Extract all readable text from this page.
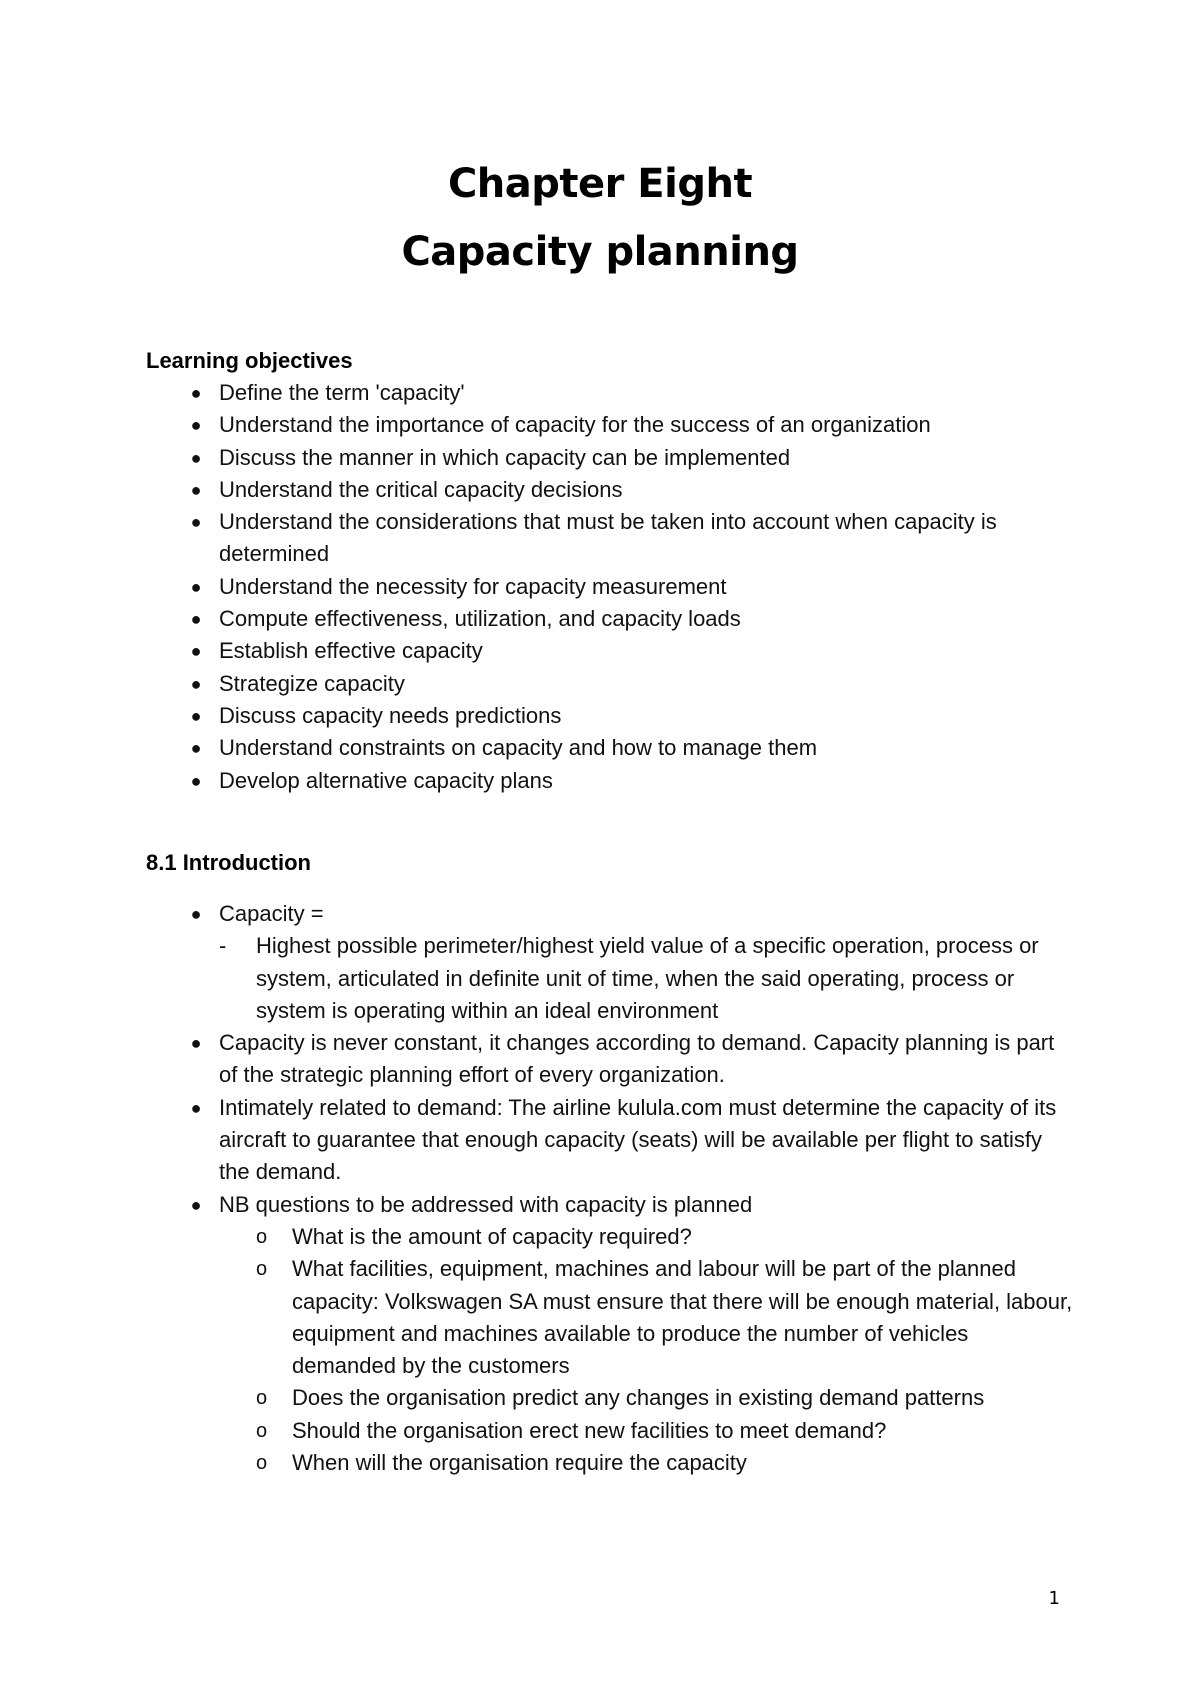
Chapter Eight
Capacity planning
Learning objectives
● Define the term 'capacity'
● Understand the importance of capacity for the success of an organization
● Discuss the manner in which capacity can be implemented
● Understand the critical capacity decisions
● Understand the considerations that must be taken into account when capacity is determined
● Understand the necessity for capacity measurement
● Compute effectiveness, utilization, and capacity loads
● Establish effective capacity
● Strategize capacity
● Discuss capacity needs predictions
● Understand constraints on capacity and how to manage them
● Develop alternative capacity plans
8.1 Introduction
● Capacity =
-	Highest possible perimeter/highest yield value of a specific operation, process or system, articulated in definite unit of time, when the said operating, process or system is operating within an ideal environment
● Capacity is never constant, it changes according to demand. Capacity planning is part of the strategic planning effort of every organization.
● Intimately related to demand: The airline kulula.com must determine the capacity of its aircraft to guarantee that enough capacity (seats) will be available per flight to satisfy the demand.
● NB questions to be addressed with capacity is planned
o	What is the amount of capacity required?
o	What facilities, equipment, machines and labour will be part of the planned capacity: Volkswagen SA must ensure that there will be enough material, labour, equipment and machines available to produce the number of vehicles demanded by the customers
o	Does the organisation predict any changes in existing demand patterns
o	Should the organisation erect new facilities to meet demand?
o	When will the organisation require the capacity
1
